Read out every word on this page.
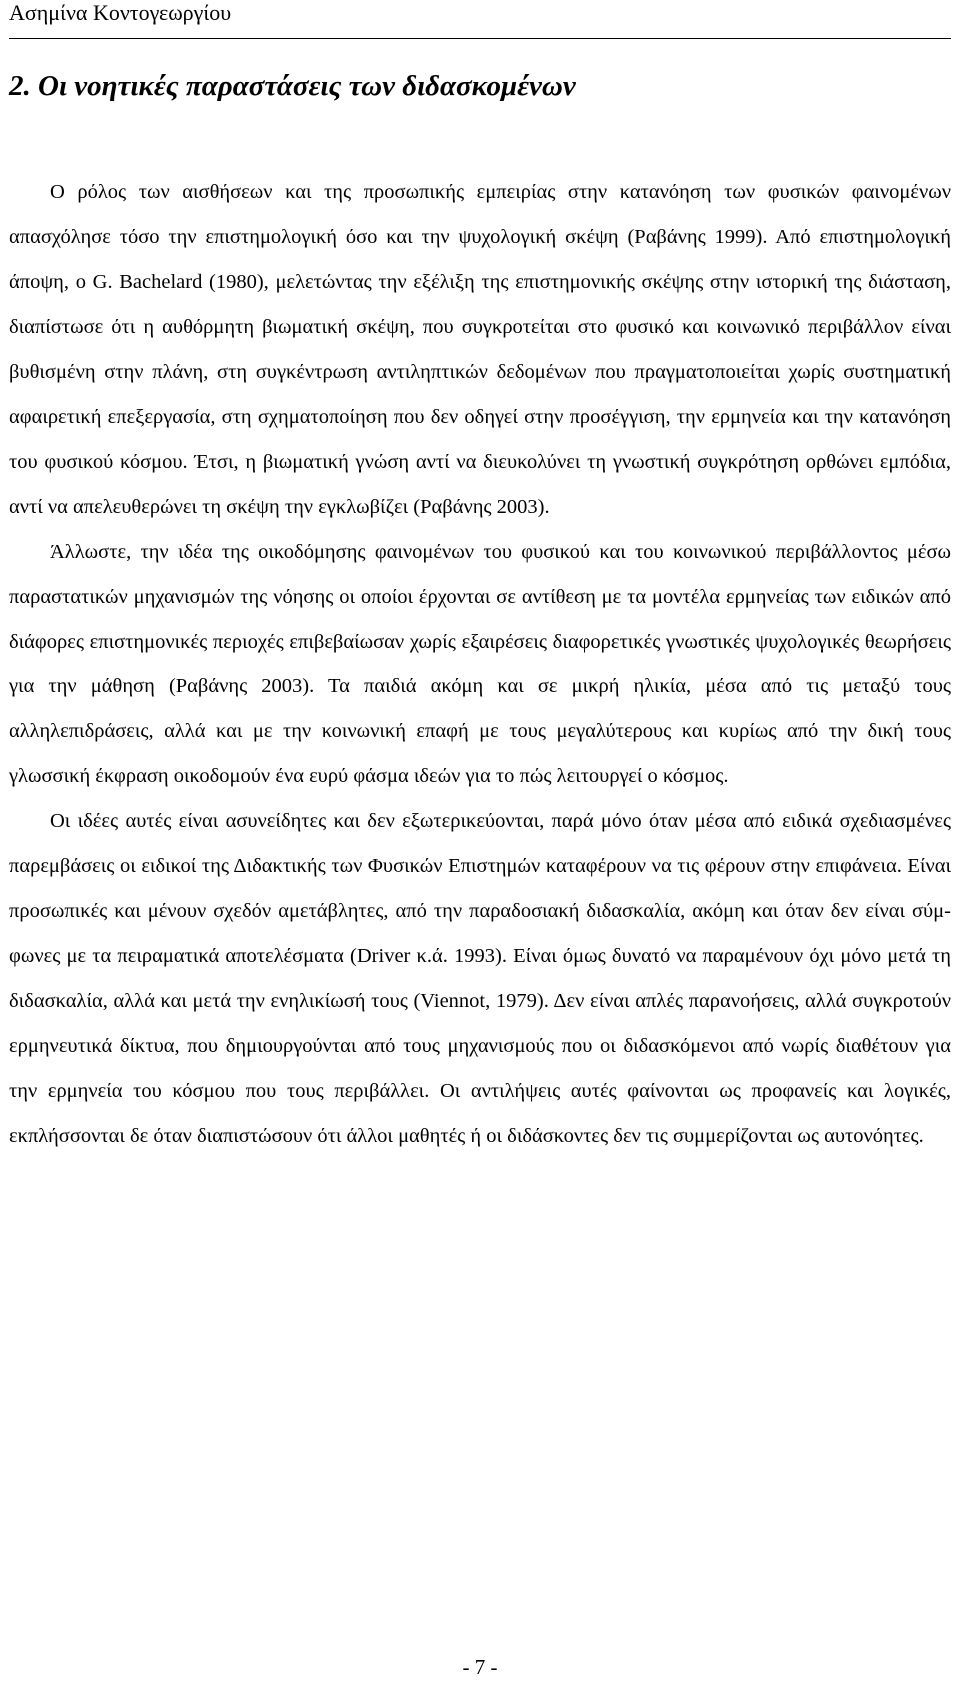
Ασημίνα Κοντογεωργίου
2. Οι νοητικές παραστάσεις των διδασκομένων

Ο ρόλος των αισθήσεων και της προσωπικής εμπειρίας στην κατανόηση των φυσικών φαινομένων απασχόλησε τόσο την επιστημολογική όσο και την ψυχολογική σκέψη (Ραβάνης 1999). Από επιστημολογική άποψη, ο G. Bachelard (1980), μελετώντας την εξέλιξη της επιστημονικής σκέψης στην ιστορική της διάσταση, διαπίστωσε ότι η αυθόρμητη βιωματική σκέψη, που συγκροτείται στο φυσικό και κοινωνικό περιβάλλον είναι βυθισμένη στην πλάνη, στη συγκέντρωση αντιληπτικών δεδομένων που πραγματοποιείται χωρίς συστηματική αφαιρετική επεξεργασία, στη σχηματοποίηση που δεν οδηγεί στην προσέγγιση, την ερμηνεία και την κατανόηση του φυσικού κόσμου. Έτσι, η βιωματική γνώση αντί να διευκολύνει τη γνωστική συγκρότηση ορθώνει εμπόδια, αντί να απελευθερώνει τη σκέψη την εγκλωβίζει (Ραβάνης 2003).

Άλλωστε, την ιδέα της οικοδόμησης φαινομένων του φυσικού και του κοινωνικού περιβάλλοντος μέσω παραστατικών μηχανισμών της νόησης οι οποίοι έρχονται σε αντίθεση με τα μοντέλα ερμηνείας των ειδικών από διάφορες επιστημονικές περιοχές επιβεβαίωσαν χωρίς εξαιρέσεις διαφορετικές γνωστικές ψυχολογικές θεωρήσεις για την μάθηση (Ραβάνης 2003). Τα παιδιά ακόμη και σε μικρή ηλικία, μέσα από τις μεταξύ τους αλληλεπιδράσεις, αλλά και με την κοινωνική επαφή με τους μεγαλύτερους και κυρίως από την δική τους γλωσσική έκφραση οικοδομούν ένα ευρύ φάσμα ιδεών για το πώς λειτουργεί ο κόσμος.

Οι ιδέες αυτές είναι ασυνείδητες και δεν εξωτερικεύονται, παρά μόνο όταν μέσα από ειδικά σχεδιασμένες παρεμβάσεις οι ειδικοί της Διδακτικής των Φυσικών Επιστημών καταφέρουν να τις φέρουν στην επιφάνεια. Είναι προσωπικές και μένουν σχεδόν αμετάβλητες, από την παραδοσιακή διδασκαλία, ακόμη και όταν δεν είναι σύμ-φωνες με τα πειραματικά αποτελέσματα (Driver κ.ά. 1993). Είναι όμως δυνατό να παραμένουν όχι μόνο μετά τη διδασκαλία, αλλά και μετά την ενηλικίωσή τους (Viennot, 1979). Δεν είναι απλές παρανοήσεις, αλλά συγκροτούν ερμηνευτικά δίκτυα, που δημιουργούνται από τους μηχανισμούς που οι διδασκόμενοι από νωρίς διαθέτουν για την ερμηνεία του κόσμου που τους περιβάλλει. Οι αντιλήψεις αυτές φαίνονται ως προφανείς και λογικές, εκπλήσσονται δε όταν διαπιστώσουν ότι άλλοι μαθητές ή οι διδάσκοντες δεν τις συμμερίζονται ως αυτονόητες.

- 7 -
